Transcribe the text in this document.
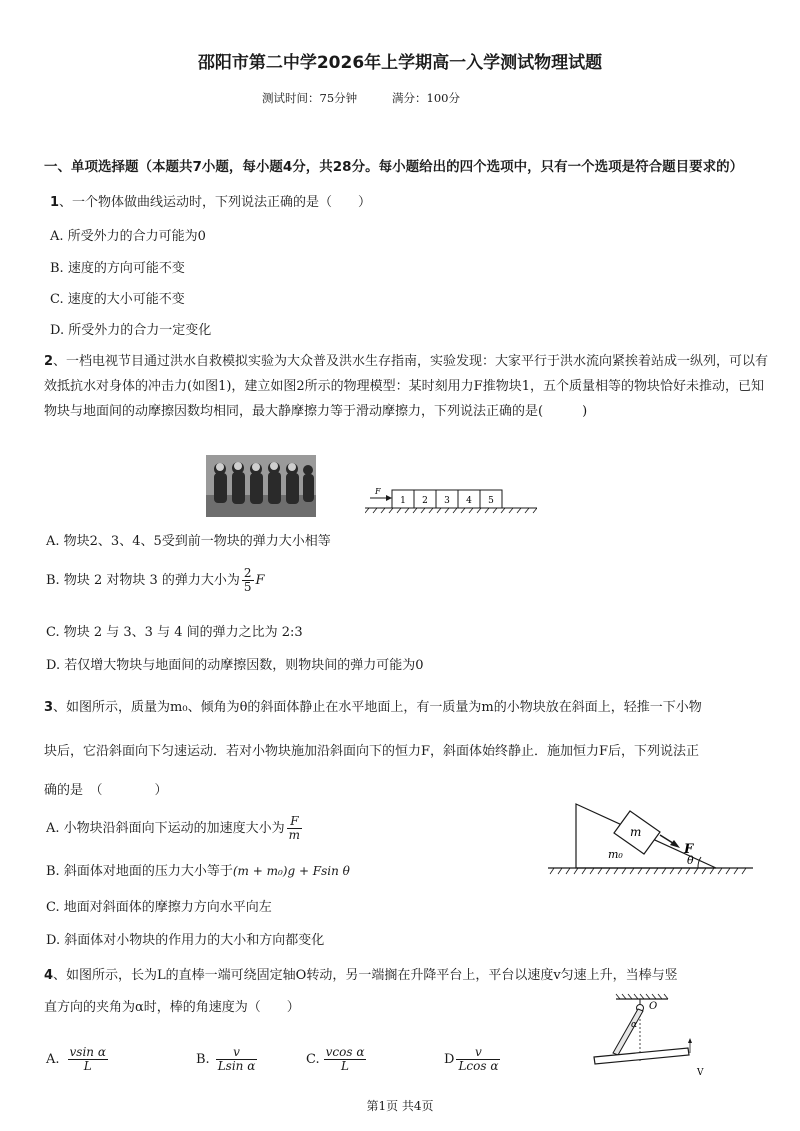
邵阳市第二中学2026年上学期高一入学测试物理试题
测试时间：75分钟	满分：100分
一、单项选择题（本题共7小题，每小题4分，共28分。每小题给出的四个选项中，只有一个选项是符合题目要求的）
1、一个物体做曲线运动时，下列说法正确的是（　　）
A. 所受外力的合力可能为0
B. 速度的方向可能不变
C. 速度的大小可能不变
D. 所受外力的合力一定变化
2、一档电视节目通过洪水自救模拟实验为大众普及洪水生存指南，实验发现：大家平行于洪水流向紧挨着站成一纵列，可以有效抵抗水对身体的冲击力(如图1)，建立如图2所示的物理模型：某时刻用力F推物块1，五个质量相等的物块恰好未推动，已知物块与地面间的动摩擦因数均相同，最大静摩擦力等于滑动摩擦力，下列说法正确的是(　　　)
F
1 2 3 4 5
A. 物块2、3、4、5受到前一物块的弹力大小相等
B. 物块 2 对物块 3 的弹力大小为 $\frac{2}{5}$ F
C. 物块 2 与 3、3 与 4 间的弹力之比为 2:3
D. 若仅增大物块与地面间的动摩擦因数，则物块间的弹力可能为0
3、如图所示，质量为m₀、倾角为θ的斜面体静止在水平地面上，有一质量为m的小物块放在斜面上，轻推一下小物
块后，它沿斜面向下匀速运动．若对小物块施加沿斜面向下的恒力F，斜面体始终静止．施加恒力F后，下列说法正
确的是　（　　　　）
A. 小物块沿斜面向下运动的加速度大小为 $\frac{F}{m}$
B. 斜面体对地面的压力大小等于(m + m₀)g + Fsin θ
C. 地面对斜面体的摩擦力方向水平向左
D. 斜面体对小物块的作用力的大小和方向都变化
m
F
m₀	θ
4、如图所示，长为L的直棒一端可绕固定轴O转动，另一端搁在升降平台上，平台以速度v匀速上升，当棒与竖
直方向的夹角为α时，棒的角速度为（　　）
A. $\frac{\text{vsin α}}{L}$	B. $\frac{v}{\text{Lsin α}}$	C. $\frac{\text{vcos α}}{L}$	D $\frac{v}{\text{Lcos α}}$
O
α
V
第1页 共4页
